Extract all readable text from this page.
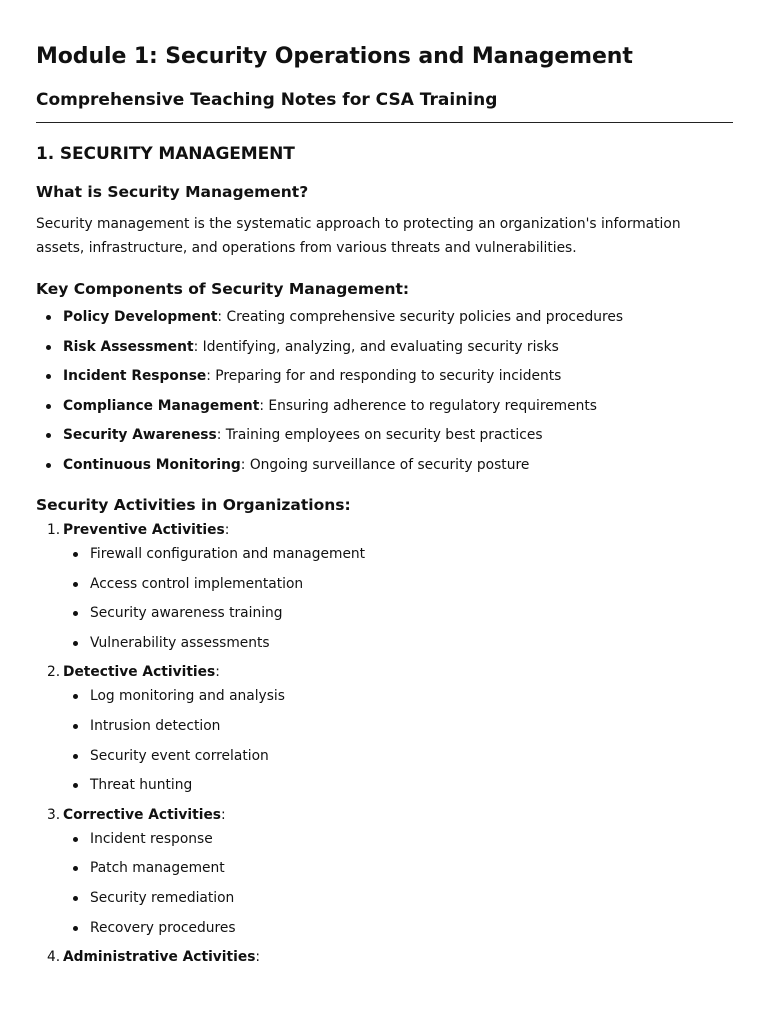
Module 1: Security Operations and Management
Comprehensive Teaching Notes for CSA Training
1. SECURITY MANAGEMENT
What is Security Management?

Security management is the systematic approach to protecting an organization's information assets, infrastructure, and operations from various threats and vulnerabilities.

Key Components of Security Management:
Policy Development: Creating comprehensive security policies and procedures
Risk Assessment: Identifying, analyzing, and evaluating security risks
Incident Response: Preparing for and responding to security incidents
Compliance Management: Ensuring adherence to regulatory requirements
Security Awareness: Training employees on security best practices
Continuous Monitoring: Ongoing surveillance of security posture
Security Activities in Organizations:
1. Preventive Activities:
Firewall configuration and management
Access control implementation
Security awareness training
Vulnerability assessments
2. Detective Activities:
Log monitoring and analysis
Intrusion detection
Security event correlation
Threat hunting
3. Corrective Activities:
Incident response
Patch management
Security remediation
Recovery procedures
4. Administrative Activities:
